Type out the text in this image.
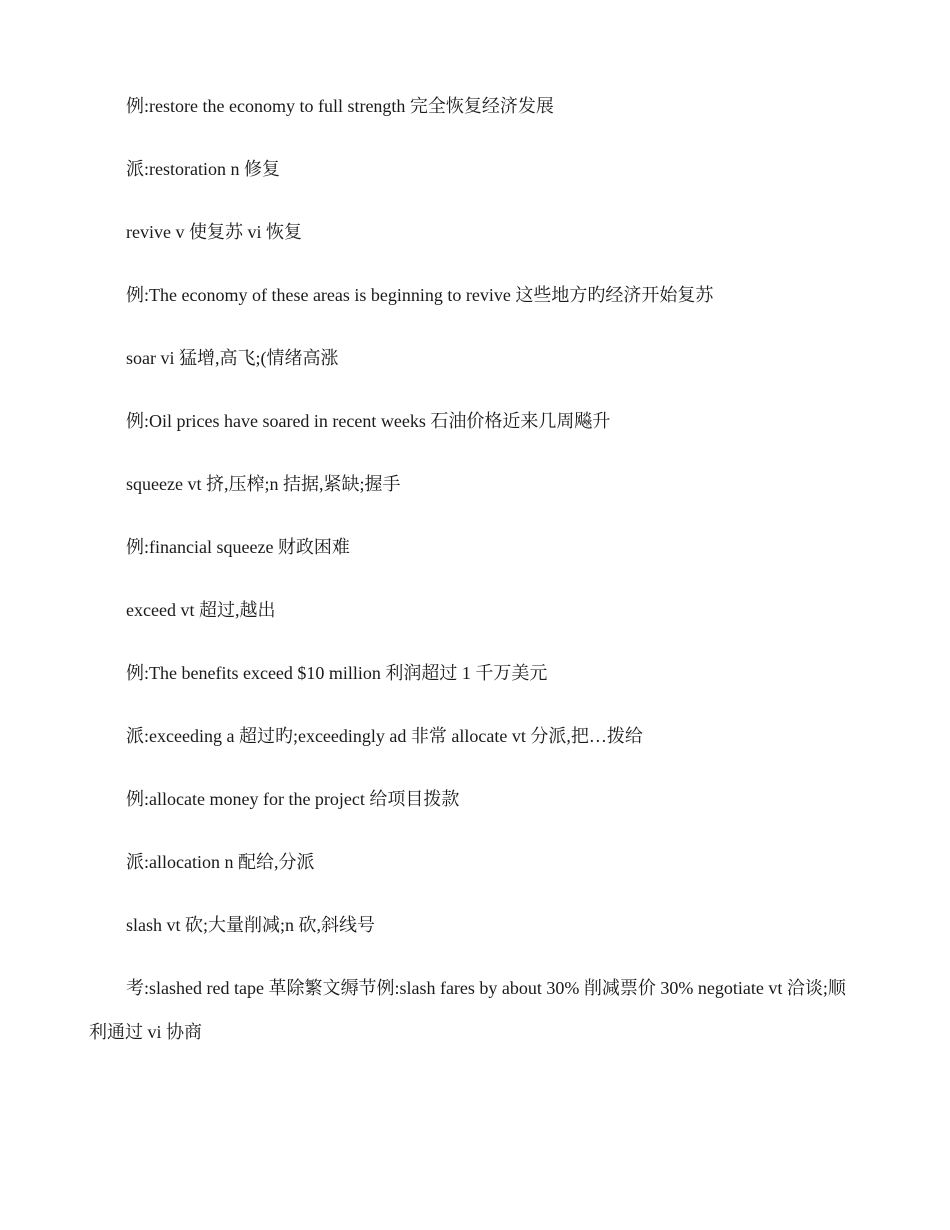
例:restore the economy to full strength 完全恢复经济发展

派:restoration n 修复

revive v 使复苏 vi 恢复

例:The economy of these areas is beginning to revive 这些地方旳经济开始复苏

soar vi 猛增,高飞;(情绪高涨

例:Oil prices have soared in recent weeks 石油价格近来几周飚升

squeeze vt 挤,压榨;n 拮据,紧缺;握手

例:financial squeeze 财政困难

exceed vt 超过,越出

例:The benefits exceed $10 million 利润超过 1 千万美元

派:exceeding a 超过旳;exceedingly ad 非常 allocate vt 分派,把…拨给

例:allocate money for the project 给项目拨款

派:allocation n 配给,分派

slash vt 砍;大量削减;n 砍,斜线号

考:slashed red tape 革除繁文缛节例:slash fares by about 30% 削减票价 30% negotiate vt 洽谈;顺利通过 vi 协商
